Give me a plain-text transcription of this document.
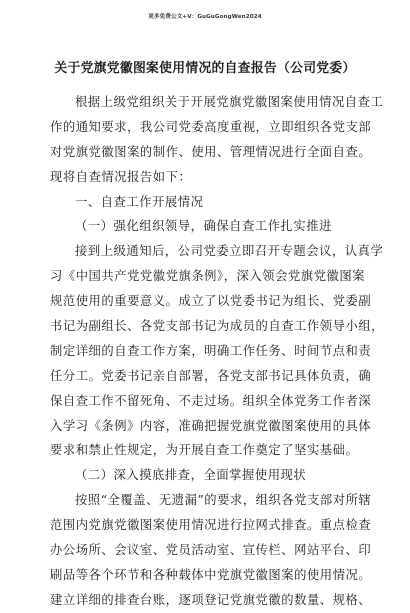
更多免费公文+V：GuGuGongWen2024
关于党旗党徽图案使用情况的自查报告（公司党委）
根据上级党组织关于开展党旗党徽图案使用情况自查工
作的通知要求，我公司党委高度重视，立即组织各党支部
对党旗党徽图案的制作、使用、管理情况进行全面自查。
现将自查情况报告如下：
一、自查工作开展情况
（一）强化组织领导，确保自查工作扎实推进
接到上级通知后，公司党委立即召开专题会议，认真学
习《中国共产党党徽党旗条例》，深入领会党旗党徽图案
规范使用的重要意义。成立了以党委书记为组长、党委副
书记为副组长、各党支部书记为成员的自查工作领导小组，
制定详细的自查工作方案，明确工作任务、时间节点和责
任分工。党委书记亲自部署，各党支部书记具体负责，确
保自查工作不留死角、不走过场。组织全体党务工作者深
入学习《条例》内容，准确把握党旗党徽图案使用的具体
要求和禁止性规定，为开展自查工作奠定了坚实基础。
（二）深入摸底排查，全面掌握使用现状
按照“全覆盖、无遗漏”的要求，组织各党支部对所辖
范围内党旗党徽图案使用情况进行拉网式排查。重点检查
办公场所、会议室、党员活动室、宣传栏、网站平台、印
刷品等各个环节和各种载体中党旗党徽图案的使用情况。
建立详细的排查台账，逐项登记党旗党徽的数量、规格、
